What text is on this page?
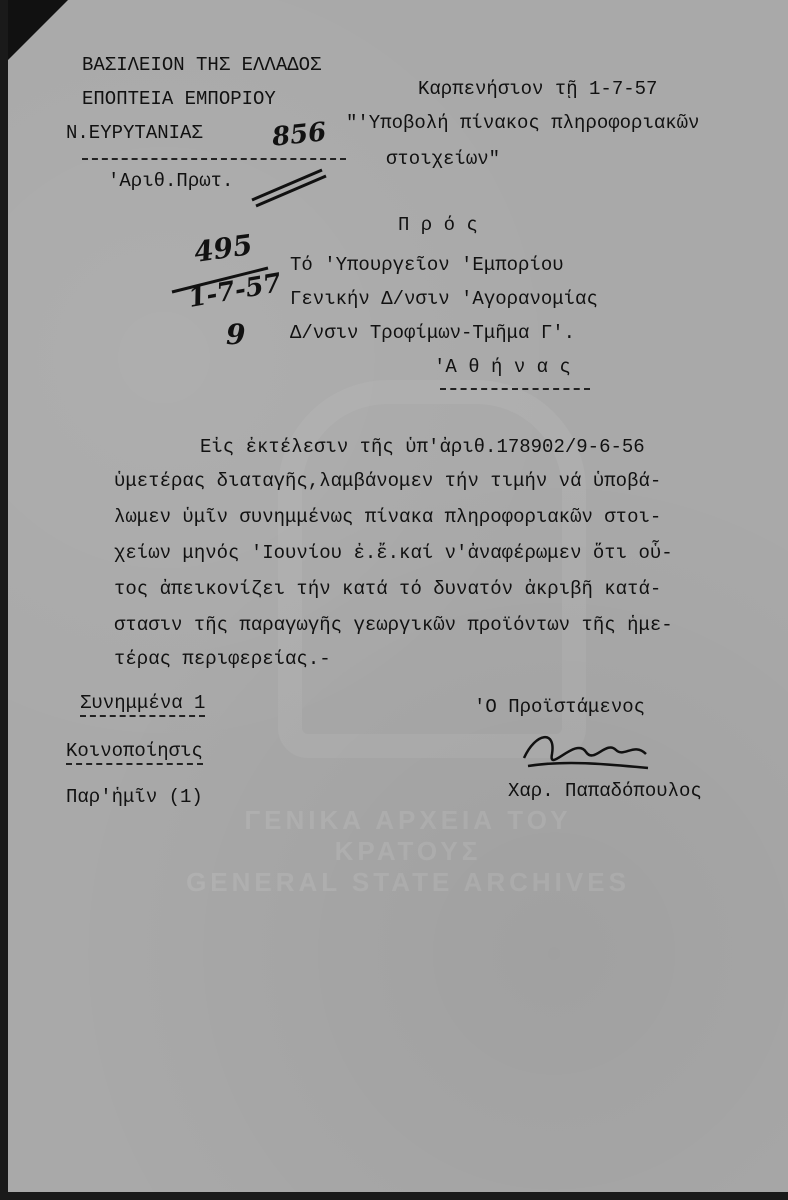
ΓΕΝΙΚΑ ΑΡΧΕΙΑ ΤΟΥ ΚΡΑΤΟΥΣ
GENERAL STATE ARCHIVES
ΒΑΣΙΛΕΙΟΝ ΤΗΣ ΕΛΛΑΔΟΣ
ΕΠΟΠΤΕΙΑ ΕΜΠΟΡΙΟΥ
Ν.ΕΥΡΥΤΑΝΙΑΣ	856
'Αριθ.Πρωτ.
Καρπενήσιον τῇ 1-7-57
"'Υποβολή πίνακος πληροφοριακῶν
στοιχείων"
495
1-7-57
9
Π ρ ό ς
Τό 'Υπουργεῖον 'Εμπορίου
Γενικήν Δ/νσιν 'Αγορανομίας
Δ/νσιν Τροφίμων-Τμῆμα Γ'.
'Α θ ή ν α ς
Εἰς ἐκτέλεσιν τῆς ὑπ'ἀριθ.178902/9-6-56
ὑμετέρας διαταγῆς,λαμβάνομεν τήν τιμήν νά ὑποβά-
λωμεν ὑμῖν συνημμένως πίνακα πληροφοριακῶν στοι-
χείων μηνός 'Ιουνίου ἐ.ἔ.καί ν'ἀναφέρωμεν ὅτι οὗ-
τος ἀπεικονίζει τήν κατά τό δυνατόν ἀκριβῆ κατά-
στασιν τῆς παραγωγῆς γεωργικῶν προϊόντων τῆς ἡμε-
τέρας περιφερείας.-
Συνημμένα 1
Κοινοποίησις
Παρ'ἡμῖν (1)
'Ο Προϊστάμενος
Χαρ. Παπαδόπουλος
